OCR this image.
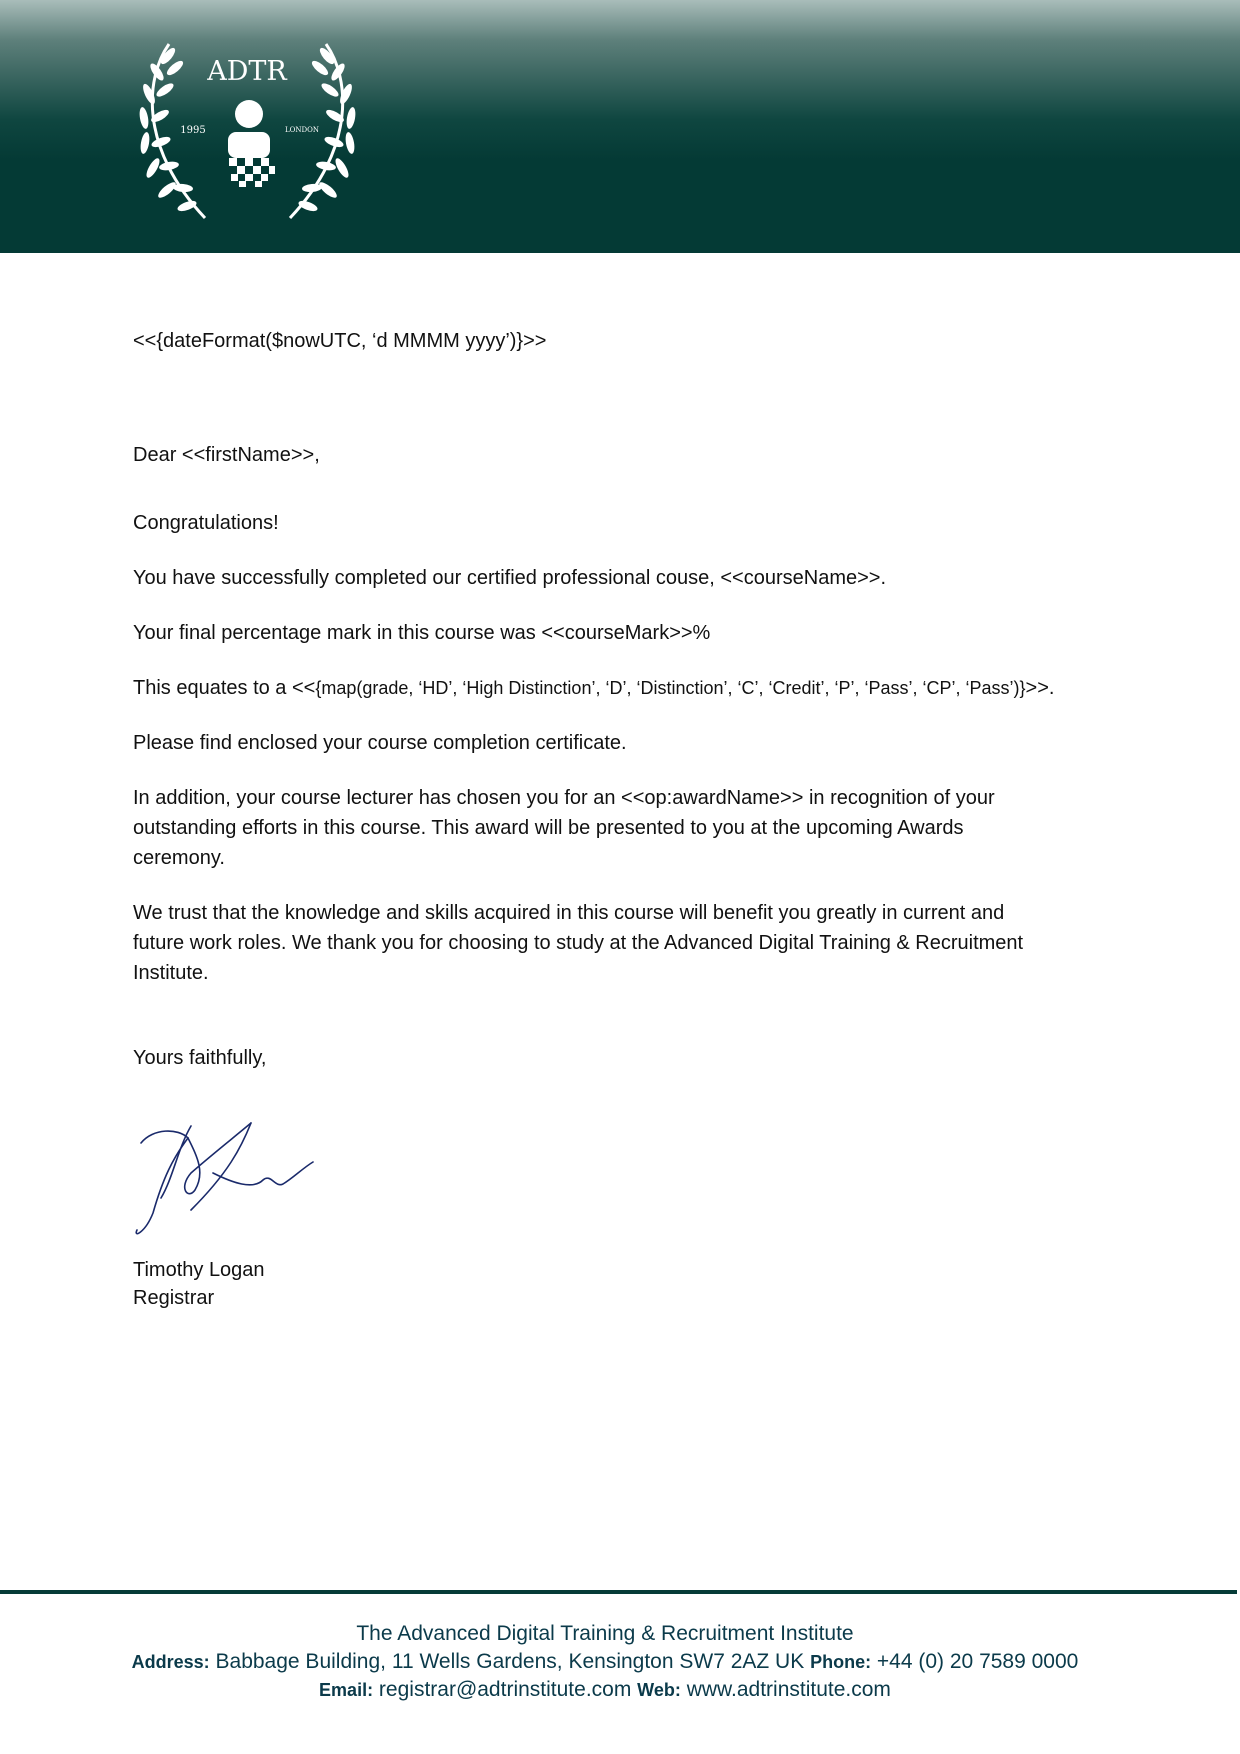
ADTR
1995	LONDON

<<{dateFormat($nowUTC, ‘d MMMM yyyy’)}>>

Dear <<firstName>>,

Congratulations!

You have successfully completed our certified professional couse, <<courseName>>.

Your final percentage mark in this course was <<courseMark>>%

This equates to a <<{map(grade, ‘HD’, ‘High Distinction’, ‘D’, ‘Distinction’, ‘C’, ‘Credit’, ‘P’, ‘Pass’, ‘CP’, ‘Pass’)}>>.

Please find enclosed your course completion certificate.

In addition, your course lecturer has chosen you for an <<op:awardName>> in recognition of your

outstanding efforts in this course. This award will be presented to you at the upcoming Awards

ceremony.

We trust that the knowledge and skills acquired in this course will benefit you greatly in current and

future work roles. We thank you for choosing to study at the Advanced Digital Training & Recruitment

Institute.

Yours faithfully,

Timothy Logan

Registrar

The Advanced Digital Training & Recruitment Institute
Address: Babbage Building, 11 Wells Gardens, Kensington SW7 2AZ UK Phone: +44 (0) 20 7589 0000
Email: registrar@adtrinstitute.com Web: www.adtrinstitute.com
